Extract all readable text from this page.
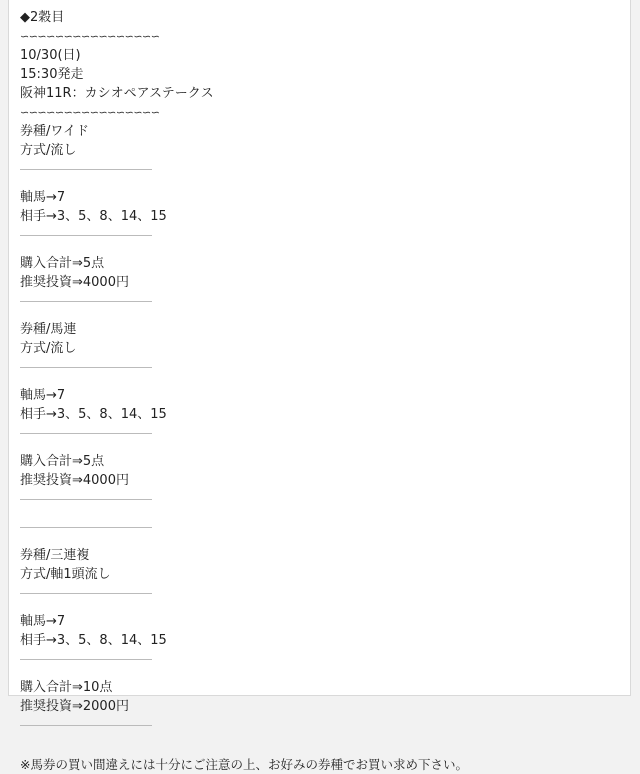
◆2穀目
∽∽∽∽∽∽∽∽∽∽∽∽∽∽∽∽
10/30(日)
15:30発走
阪神11R：カシオペアステークス
∽∽∽∽∽∽∽∽∽∽∽∽∽∽∽∽
券種/ワイド
方式/流し
軸馬→7
相手→3、5、8、14、15
購入合計⇒5点
推奨投資⇒4000円
券種/馬連
方式/流し
軸馬→7
相手→3、5、8、14、15
購入合計⇒5点
推奨投資⇒4000円
券種/三連複
方式/軸1頭流し
軸馬→7
相手→3、5、8、14、15
購入合計⇒10点
推奨投資⇒2000円
※馬券の買い間違えには十分にご注意の上、お好みの券種でお買い求め下さい。
